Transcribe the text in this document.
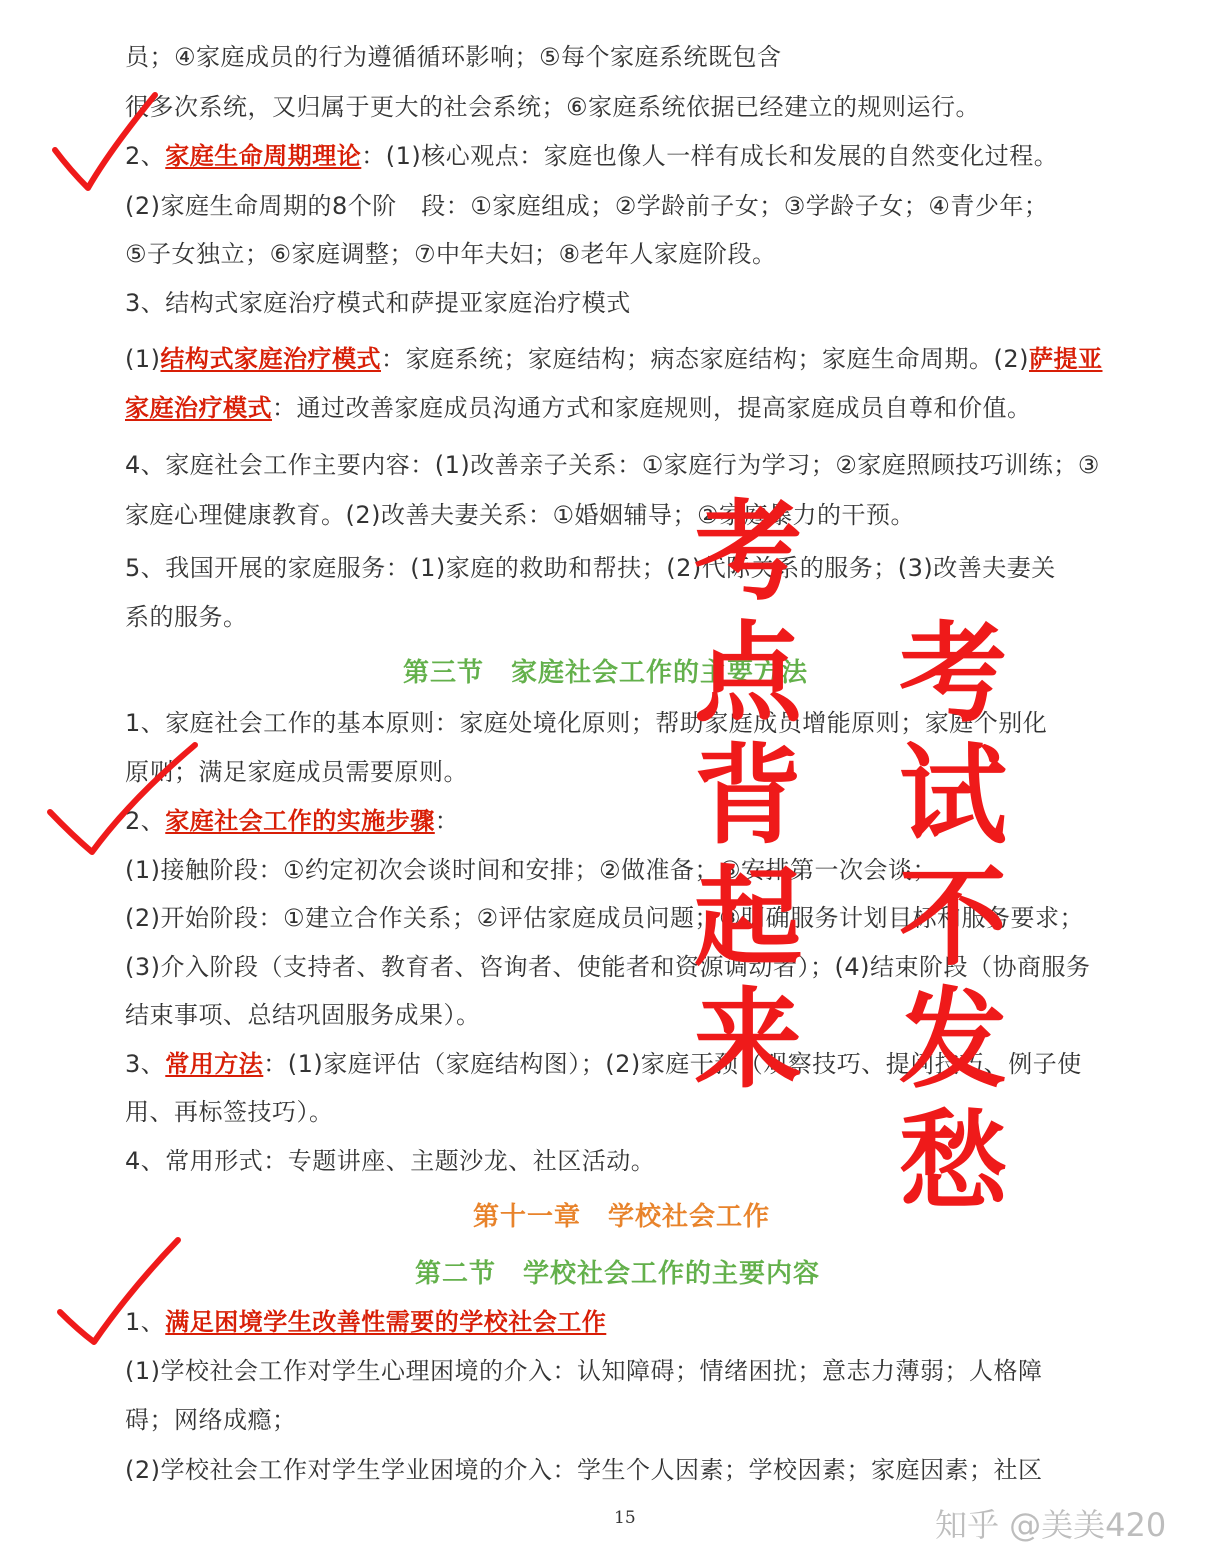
员；④家庭成员的行为遵循循环影响；⑤每个家庭系统既包含
很多次系统，又归属于更大的社会系统；⑥家庭系统依据已经建立的规则运行。
2、家庭生命周期理论：(1)核心观点：家庭也像人一样有成长和发展的自然变化过程。
(2)家庭生命周期的8个阶　段：①家庭组成；②学龄前子女；③学龄子女；④青少年；
⑤子女独立；⑥家庭调整；⑦中年夫妇；⑧老年人家庭阶段。
3、结构式家庭治疗模式和萨提亚家庭治疗模式
(1)结构式家庭治疗模式：家庭系统；家庭结构；病态家庭结构；家庭生命周期。(2)萨提亚
家庭治疗模式：通过改善家庭成员沟通方式和家庭规则，提高家庭成员自尊和价值。
4、家庭社会工作主要内容：(1)改善亲子关系：①家庭行为学习；②家庭照顾技巧训练；③
家庭心理健康教育。(2)改善夫妻关系：①婚姻辅导；②家庭暴力的干预。
5、我国开展的家庭服务：(1)家庭的救助和帮扶；(2)代际关系的服务；(3)改善夫妻关
系的服务。
第三节　家庭社会工作的主要方法
1、家庭社会工作的基本原则：家庭处境化原则；帮助家庭成员增能原则；家庭个别化
原则；满足家庭成员需要原则。
2、家庭社会工作的实施步骤：
(1)接触阶段：①约定初次会谈时间和安排；②做准备；③安排第一次会谈；
(2)开始阶段：①建立合作关系；②评估家庭成员问题；③明确服务计划目标和服务要求；
(3)介入阶段（支持者、教育者、咨询者、使能者和资源调动者）；(4)结束阶段（协商服务
结束事项、总结巩固服务成果）。
3、常用方法：(1)家庭评估（家庭结构图）；(2)家庭干预（观察技巧、提问技巧、例子使
用、再标签技巧）。
4、常用形式：专题讲座、主题沙龙、社区活动。
第十一章　学校社会工作
第二节　学校社会工作的主要内容
1、满足困境学生改善性需要的学校社会工作
(1)学校社会工作对学生心理困境的介入：认知障碍；情绪困扰；意志力薄弱；人格障
碍；网络成瘾；
(2)学校社会工作对学生学业困境的介入：学生个人因素；学校因素；家庭因素；社区
15
考
点
背
起
来
考
试
不
发
愁
知乎 @美美420
